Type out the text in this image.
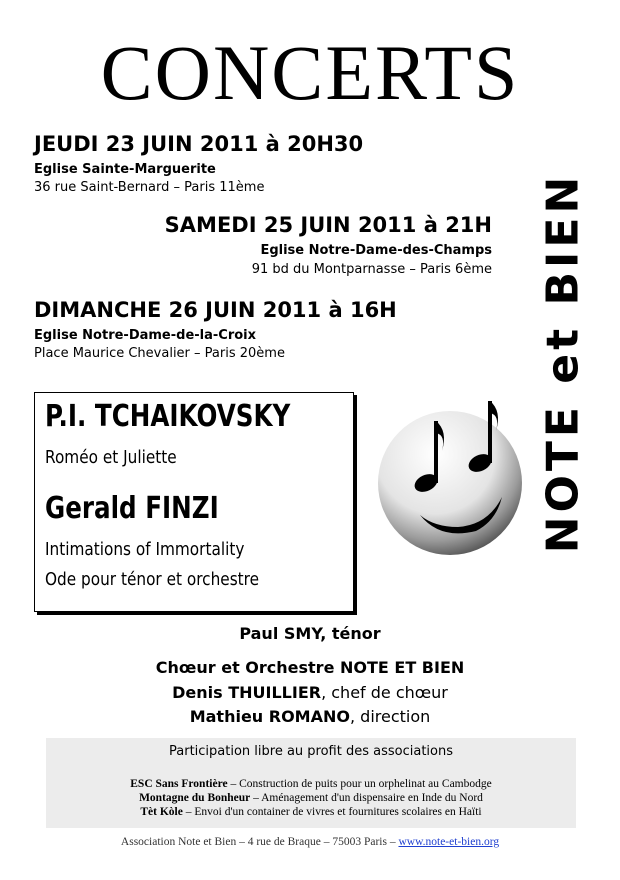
CONCERTS
JEUDI 23 JUIN 2011 à 20H30
Eglise Sainte-Marguerite
36 rue Saint-Bernard – Paris 11ème
SAMEDI 25 JUIN 2011 à 21H
Eglise Notre-Dame-des-Champs
91 bd du Montparnasse – Paris 6ème
DIMANCHE 26 JUIN 2011 à 16H
Eglise Notre-Dame-de-la-Croix
Place Maurice Chevalier – Paris 20ème
P.I. TCHAIKOVSKY
Roméo et Juliette
Gerald FINZI
Intimations of Immortality
Ode pour ténor et orchestre
NOTE et BIEN
Paul SMY, ténor
Chœur et Orchestre NOTE ET BIEN
Denis THUILLIER, chef de chœur
Mathieu ROMANO, direction
Participation libre au profit des associations
ESC Sans Frontière – Construction de puits pour un orphelinat au Cambodge
Montagne du Bonheur – Aménagement d'un dispensaire en Inde du Nord
Tèt Kòle – Envoi d'un container de vivres et fournitures scolaires en Haïti
Association Note et Bien – 4 rue de Braque – 75003 Paris – www.note-et-bien.org
